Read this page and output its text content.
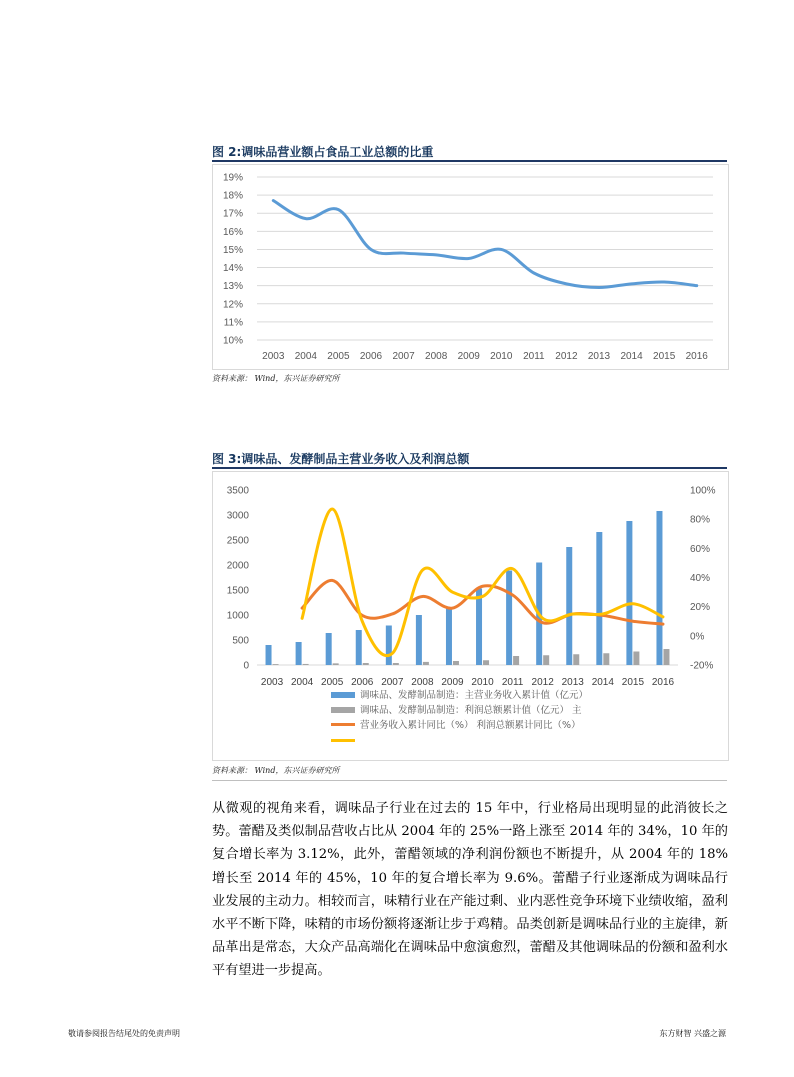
图 2:调味品营业额占食品工业总额的比重
10%
11%
12%
13%
14%
15%
16%
17%
18%
19%
2003 2004 2005 2006 2007 2008 2009 2010 2011 2012 2013 2014 2015 2016
资料来源： Wind，东兴证券研究所
图 3:调味品、发酵制品主营业务收入及利润总额
0
500
1000
1500
2000
2500
3000
3500
-20%
0%
20%
40%
60%
80%
100%
2003 2004 2005 2006 2007 2008 2009 2010 2011 2012 2013 2014 2015 2016
调味品、发酵制品制造：主营业务收入累计值（亿元）
调味品、发酵制品制造：利润总额累计值（亿元） 主
营业务收入累计同比（%） 利润总额累计同比（%）
资料来源： Wind，东兴证券研究所
从微观的视角来看，调味品子行业在过去的 15 年中，行业格局出现明显的此消彼长之势。蕾醋及类似制品营收占比从 2004 年的 25%一路上涨至 2014 年的 34%，10 年的复合增长率为 3.12%，此外，蕾醋领域的净利润份额也不断提升，从 2004 年的 18%增长至 2014 年的 45%，10 年的复合增长率为 9.6%。蕾醋子行业逐渐成为调味品行业发展的主动力。相较而言，味精行业在产能过剩、业内恶性竞争环境下业绩收缩，盈利水平不断下降，味精的市场份额将逐渐让步于鸡精。品类创新是调味品行业的主旋律，新品革出是常态，大众产品高端化在调味品中愈演愈烈，蕾醋及其他调味品的份额和盈利水平有望进一步提高。
敬请参阅报告结尾处的免责声明	东方财智 兴盛之源
